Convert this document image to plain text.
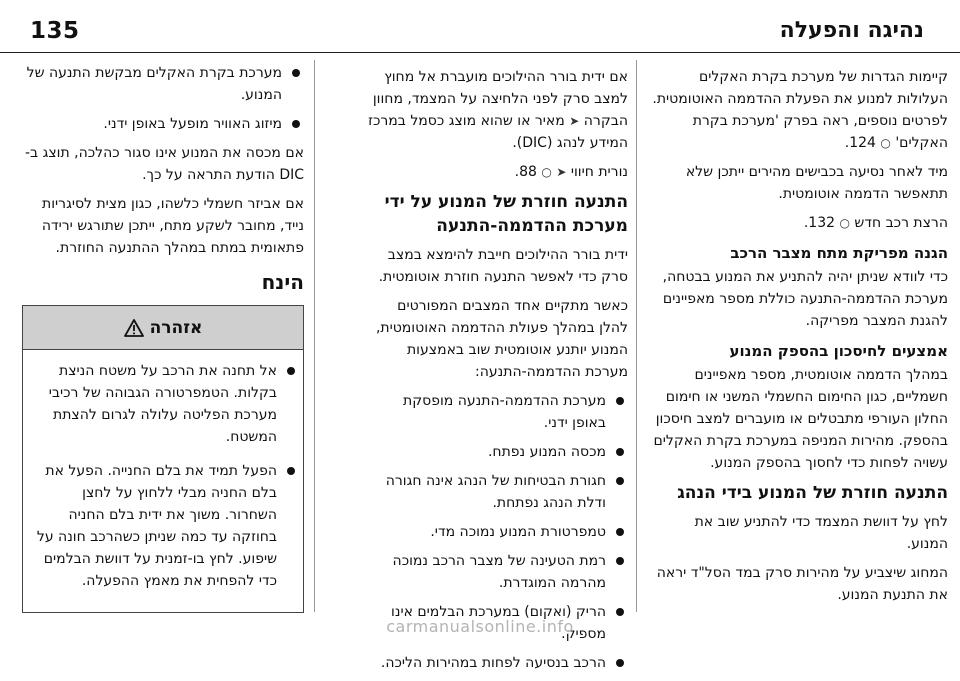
135	נהיגה והפעלה

קיימות הגדרות של מערכת בקרת האקלים העלולות למנוע את הפעלת ההדממה האוטומטית. לפרטים נוספים, ראה בפרק 'מערכת בקרת האקלים' ○ 124.

מיד לאחר נסיעה בכבישים מהירים ייתכן שלא תתאפשר הדממה אוטומטית.

הרצת רכב חדש ○ 132.

הגנה מפריקת מתח מצבר הרכב

כדי לוודא שניתן יהיה להתניע את המנוע בבטחה, מערכת ההדממה-התנעה כוללת מספר מאפיינים להגנת המצבר מפריקה.

אמצעים לחיסכון בהספק המנוע

במהלך הדממה אוטומטית, מספר מאפיינים חשמליים, כגון החימום החשמלי המשני או חימום החלון העורפי מתבטלים או מועברים למצב חיסכון בהספק. מהירות המניפה במערכת בקרת האקלים עשויה לפחות כדי לחסוך בהספק המנוע.

התנעה חוזרת של המנוע בידי הנהג

לחץ על דוושת המצמד כדי להתניע שוב את המנוע.

המחוג שיצביע על מהירות סרק במד הסל"ד יראה את התנעת המנוע.

אם ידית בורר ההילוכים מועברת אל מחוץ למצב סרק לפני הלחיצה על המצמד, מחוון הבקרה ➤ מאיר או שהוא מוצג כסמל במרכז המידע לנהג (DIC).

נורית חיווי ➤ ○ 88.

התנעה חוזרת של המנוע על ידי מערכת ההדממה-התנעה

ידית בורר ההילוכים חייבת להימצא במצב סרק כדי לאפשר התנעה חוזרת אוטומטית.

כאשר מתקיים אחד המצבים המפורטים להלן במהלך פעולת ההדממה האוטומטית, המנוע יותנע אוטומטית שוב באמצעות מערכת ההדממה-התנעה:

מערכת ההדממה-התנעה מופסקת באופן ידני.
מכסה המנוע נפתח.
חגורת הבטיחות של הנהג אינה חגורה ודלת הנהג נפתחת.
טמפרטורת המנוע נמוכה מדי.
רמת הטעינה של מצבר הרכב נמוכה מהרמה המוגדרת.
הריק (ואקום) במערכת הבלמים אינו מספיק.
הרכב בנסיעה לפחות במהירות הליכה.
מערכת בקרת האקלים מבקשת התנעה של המנוע.
מיזוג האוויר מופעל באופן ידני.

אם מכסה את המנוע אינו סגור כהלכה, תוצג ב-DIC הודעת התראה על כך.

אם אביזר חשמלי כלשהו, כגון מצית לסיגריות נייד, מחובר לשקע מתח, ייתכן שתורגש ירידה פתאומית במתח במהלך ההתנעה החוזרת.

הינח
אזהרה
אל תחנה את הרכב על משטח הניצת בקלות. הטמפרטורה הגבוהה של רכיבי מערכת הפליטה עלולה לגרום להצתת המשטח.
הפעל תמיד את בלם החנייה. הפעל את בלם החניה מבלי ללחוץ על לחצן השחרור. משוך את ידית בלם החניה בחוזקה עד כמה שניתן כשהרכב חונה על שיפוע. לחץ בו-זמנית על דוושת הבלמים כדי להפחית את מאמץ ההפעלה.
carmanualsonline.info
